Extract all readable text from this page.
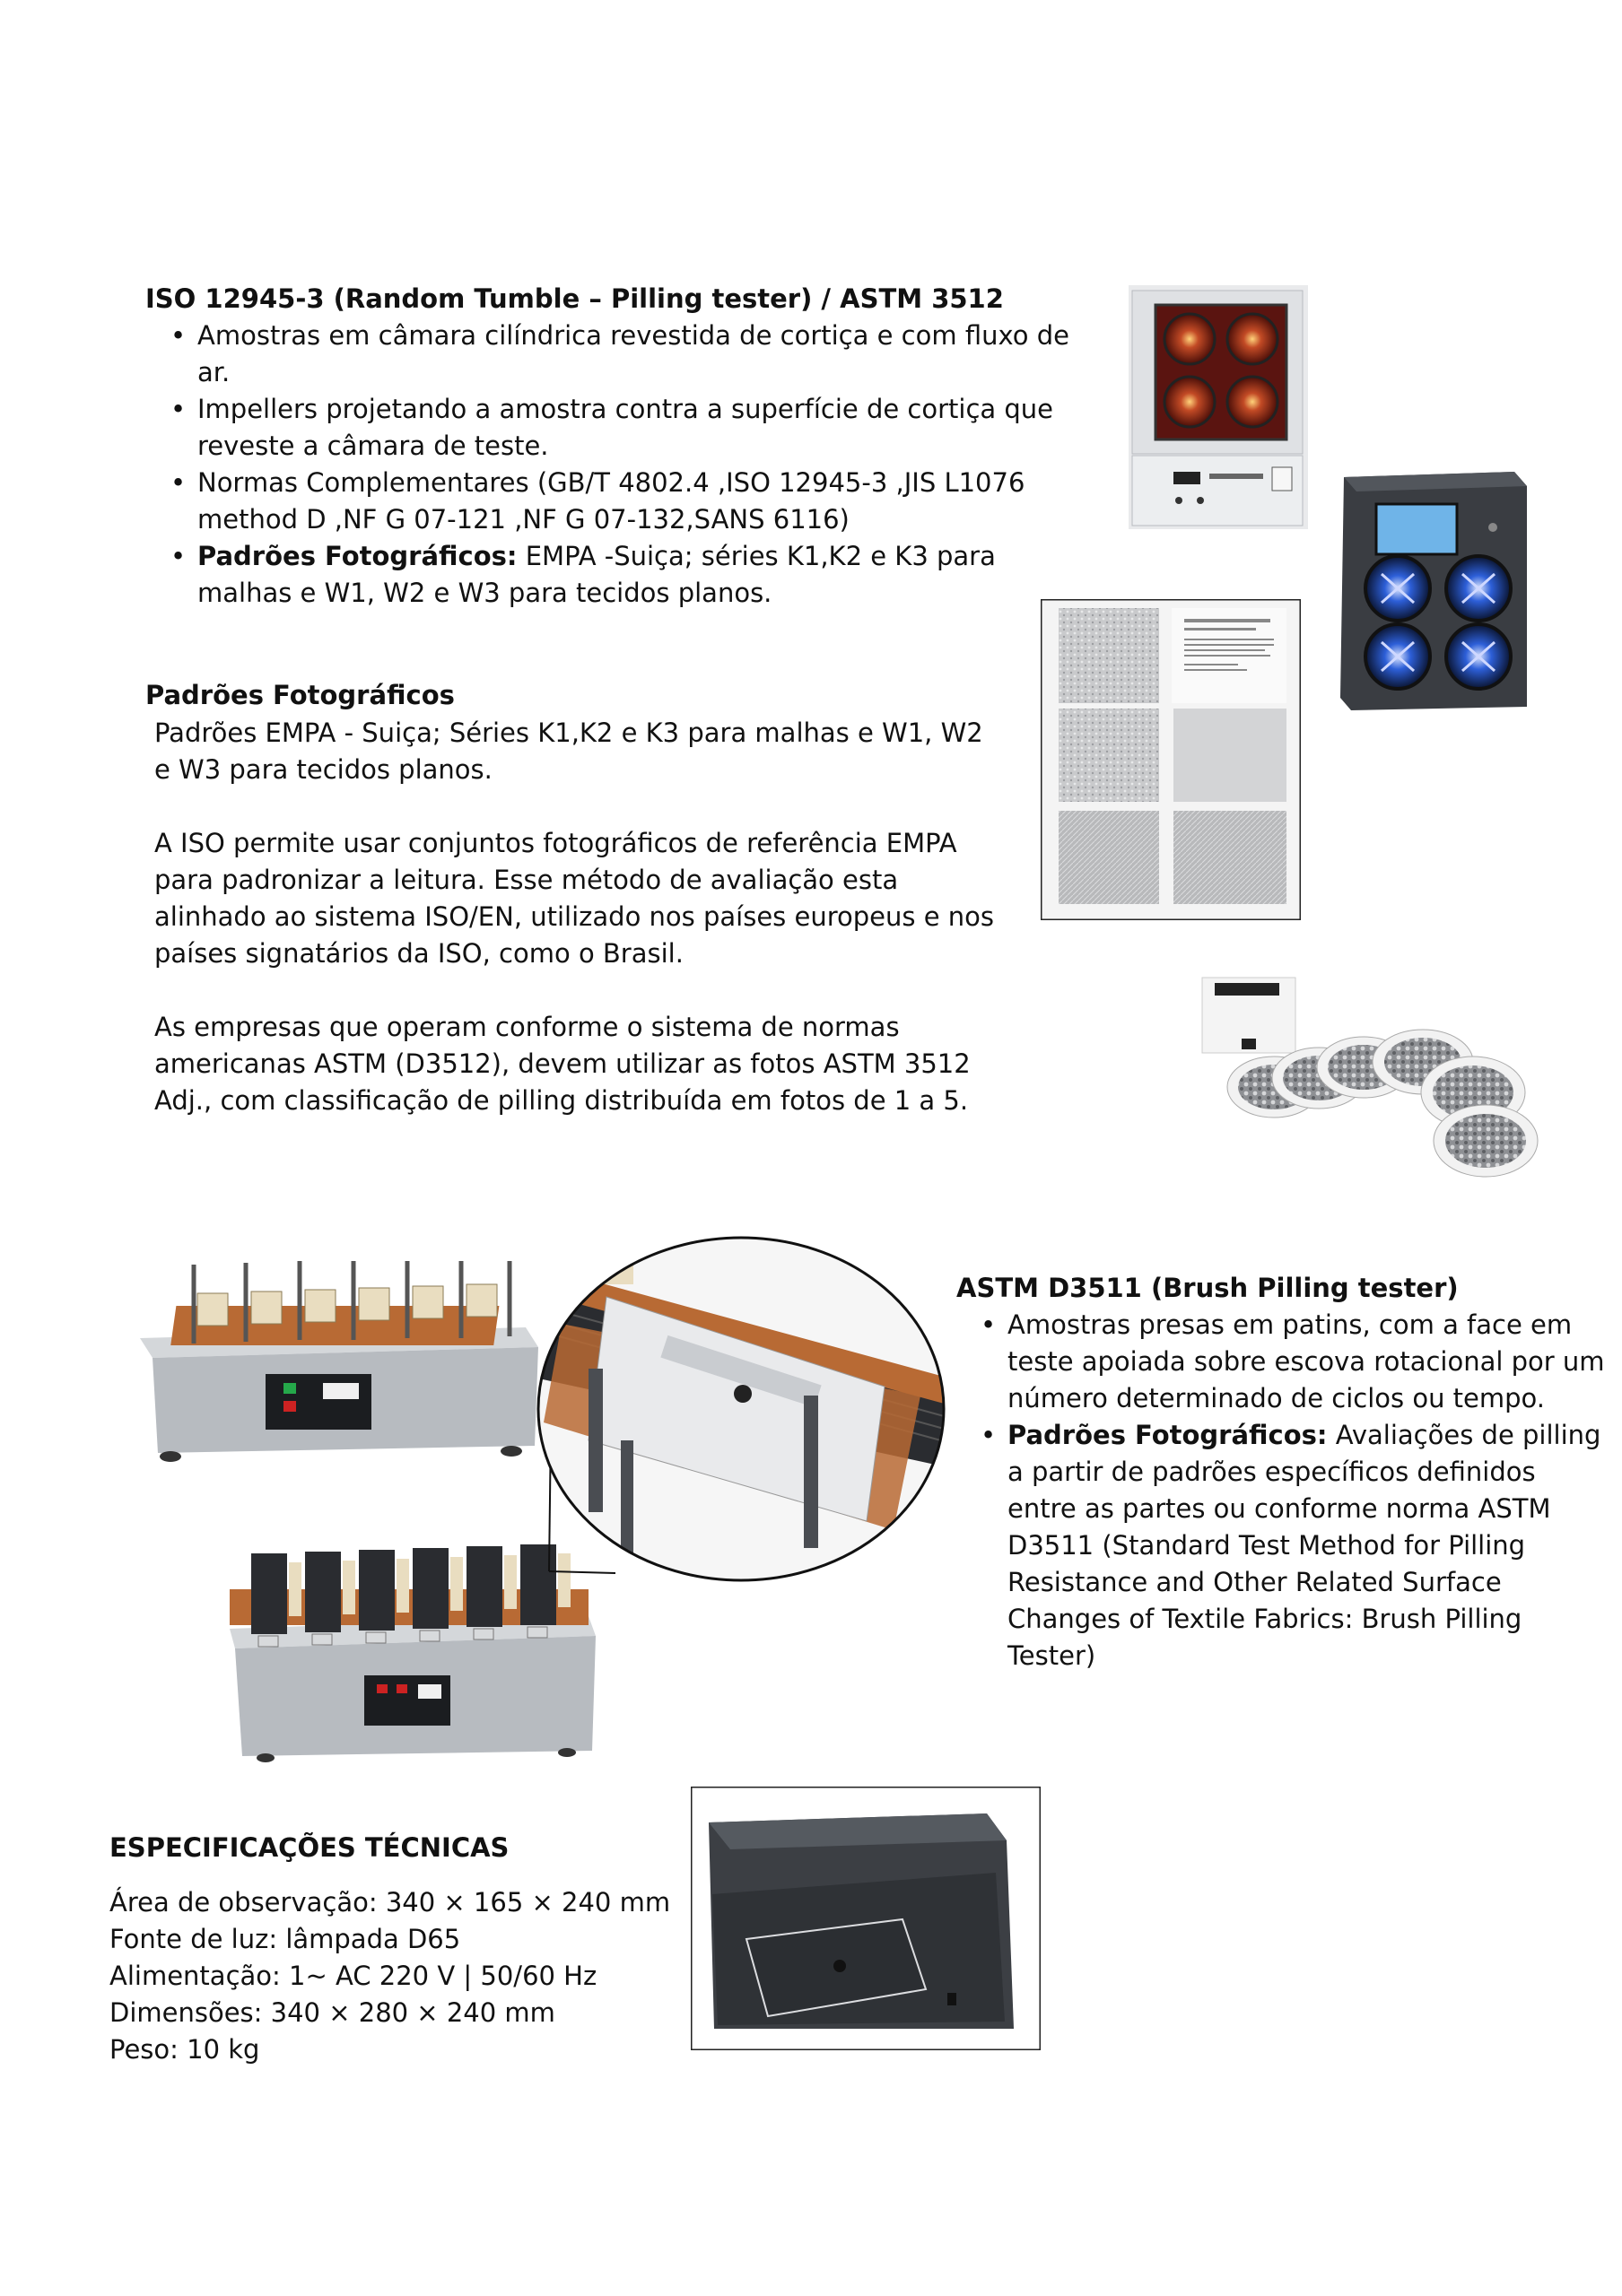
ISO 12945-3 (Random Tumble – Pilling tester) / ASTM 3512

• Amostras em câmara cilíndrica revestida de cortiça e com fluxo de ar.
• Impellers projetando a amostra contra a superfície de cortiça que reveste a câmara de teste.
• Normas Complementares (GB/T 4802.4 ,ISO 12945-3 ,JIS L1076 method D ,NF G 07-121 ,NF G 07-132,SANS 6116)
• Padrões Fotográficos: EMPA -Suiça; séries K1,K2 e K3 para malhas e W1, W2 e W3 para tecidos planos.

Padrões Fotográficos

Padrões EMPA - Suiça; Séries K1,K2 e K3 para malhas e W1, W2 e W3 para tecidos planos.

A ISO permite usar conjuntos fotográficos de referência EMPA para padronizar a leitura. Esse método de avaliação esta alinhado ao sistema ISO/EN, utilizado nos países europeus e nos países signatários da ISO, como o Brasil.

As empresas que operam conforme o sistema de normas americanas ASTM (D3512), devem utilizar as fotos ASTM 3512 Adj., com classificação de pilling distribuída em fotos de 1 a 5.

ASTM D3511 (Brush Pilling tester)

• Amostras presas em patins, com a face em teste apoiada sobre escova rotacional por um número determinado de ciclos ou tempo.
• Padrões Fotográficos: Avaliações de pilling a partir de padrões específicos definidos entre as partes ou conforme norma ASTM D3511 (Standard Test Method for Pilling Resistance and Other Related Surface Changes of Textile Fabrics: Brush Pilling Tester)

ESPECIFICAÇÕES TÉCNICAS

Área de observação: 340 × 165 × 240 mm

Fonte de luz: lâmpada D65

Alimentação: 1~ AC 220 V | 50/60 Hz

Dimensões: 340 × 280 × 240 mm

Peso: 10 kg
